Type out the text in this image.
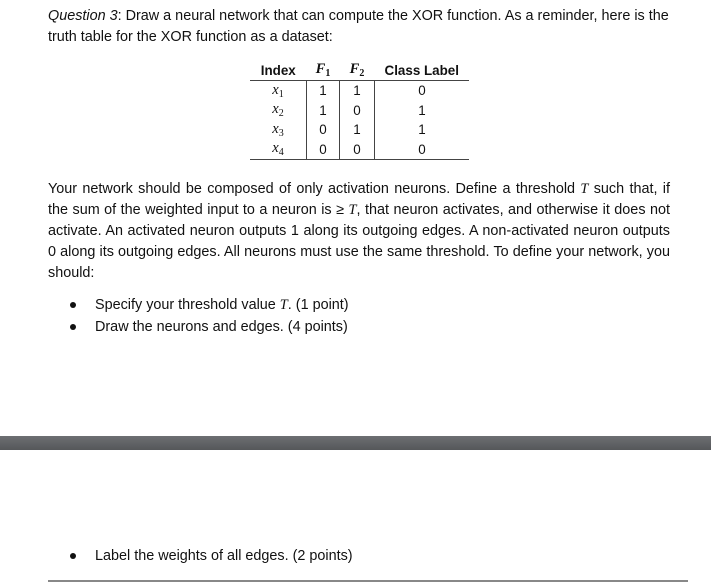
Question 3: Draw a neural network that can compute the XOR function. As a reminder, here is the truth table for the XOR function as a dataset:

Index	$F_1$	$F_2$	Class Label
$x_1$	1	1	0
$x_2$	1	0	1
$x_3$	0	1	1
$x_4$	0	0	0

Your network should be composed of only activation neurons. Define a threshold T such that, if the sum of the weighted input to a neuron is ≥ T, that neuron activates, and otherwise it does not activate. An activated neuron outputs 1 along its outgoing edges. A non-activated neuron outputs 0 along its outgoing edges. All neurons must use the same threshold. To define your network, you should:

Specify your threshold value T. (1 point)
Draw the neurons and edges. (4 points)
Label the weights of all edges. (2 points)
